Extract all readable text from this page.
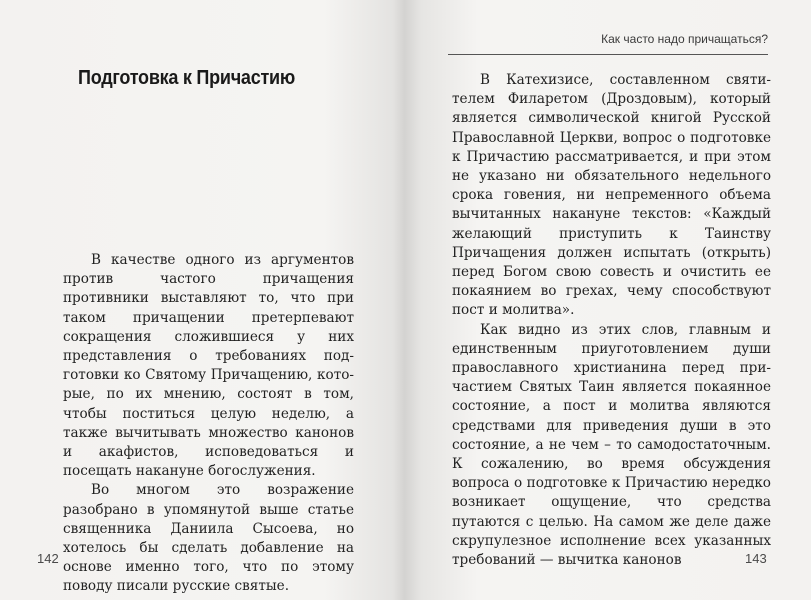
Подготовка к Причастию

В качестве одного из аргументов против частого причащения противники выставляют то, что при таком причащении претерпевают сокращения сложившиеся у них представления о требованиях подготовки ко Святому Причащению, которые, по их мнению, состоят в том, чтобы поститься целую неделю, а также вычитывать множество канонов и акафистов, исповедоваться и посещать накануне богослужения.

Во многом это возражение разобрано в упомянутой выше статье священника Даниила Сысоева, но хотелось бы сделать добавление на основе именно того, что по этому поводу писали русские святые.

142
Как часто надо причащаться?

В Катехизисе, составленном святителем Филаретом (Дроздовым), который является символической книгой Русской Православной Церкви, вопрос о подготовке к Причастию рассматривается, и при этом не указано ни обязательного недельного срока говения, ни непременного объема вычитанных накануне текстов: «Каждый желающий приступить к Таинству Причащения должен испытать (открыть) перед Богом свою совесть и очистить ее покаянием во грехах, чему способствуют пост и молитва».

Как видно из этих слов, главным и единственным приуготовлением души православного христианина перед причастием Святых Таин является покаянное состояние, а пост и молитва являются средствами для приведения души в это состояние, а не чем – то самодостаточным. К сожалению, во время обсуждения вопроса о подготовке к Причастию нередко возникает ощущение, что средства путаются с целью. На самом же деле даже скрупулезное исполнение всех указанных требований — вычитка канонов	143
